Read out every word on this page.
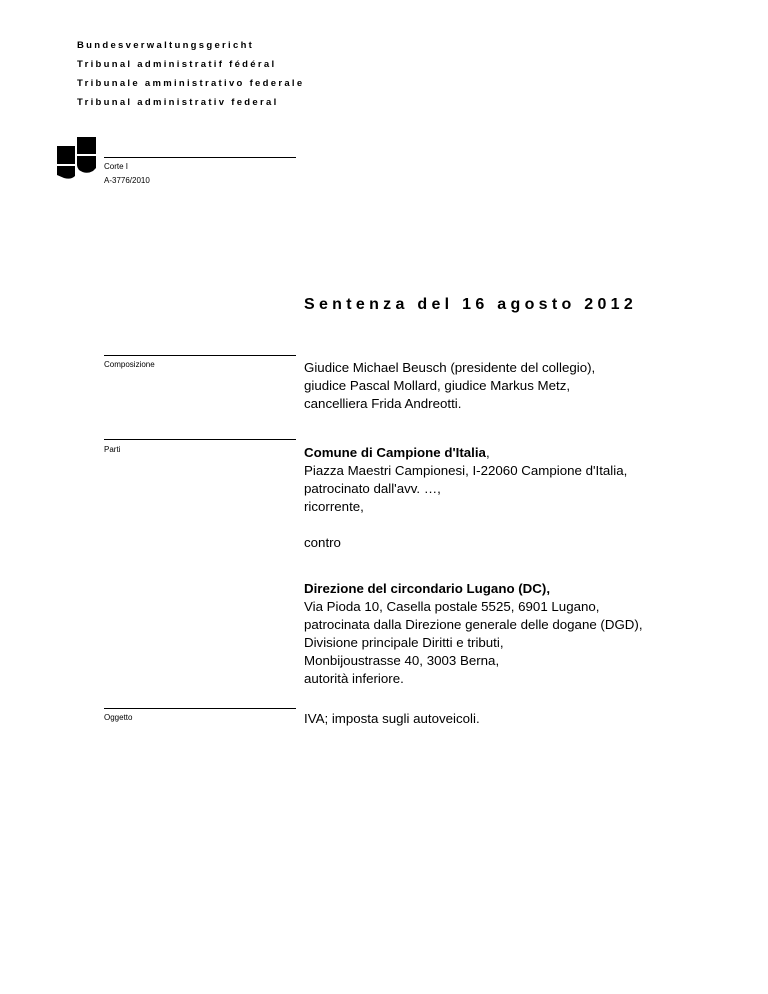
Bundesverwaltungsgericht
Tribunal administratif fédéral
Tribunale amministrativo federale
Tribunal administrativ federal
Corte I
A-3776/2010
Sentenza del 16 agosto 2012
Composizione	Giudice Michael Beusch (presidente del collegio),
giudice Pascal Mollard, giudice Markus Metz,
cancelliera Frida Andreotti.
Parti	Comune di Campione d'Italia,
Piazza Maestri Campionesi, I-22060 Campione d'Italia,
patrocinato dall'avv. …,
ricorrente,
contro
Direzione del circondario Lugano (DC),
Via Pioda 10, Casella postale 5525, 6901 Lugano,
patrocinata dalla Direzione generale delle dogane (DGD),
Divisione principale Diritti e tributi,
Monbijoustrasse 40, 3003 Berna,
autorità inferiore.
Oggetto	IVA; imposta sugli autoveicoli.
